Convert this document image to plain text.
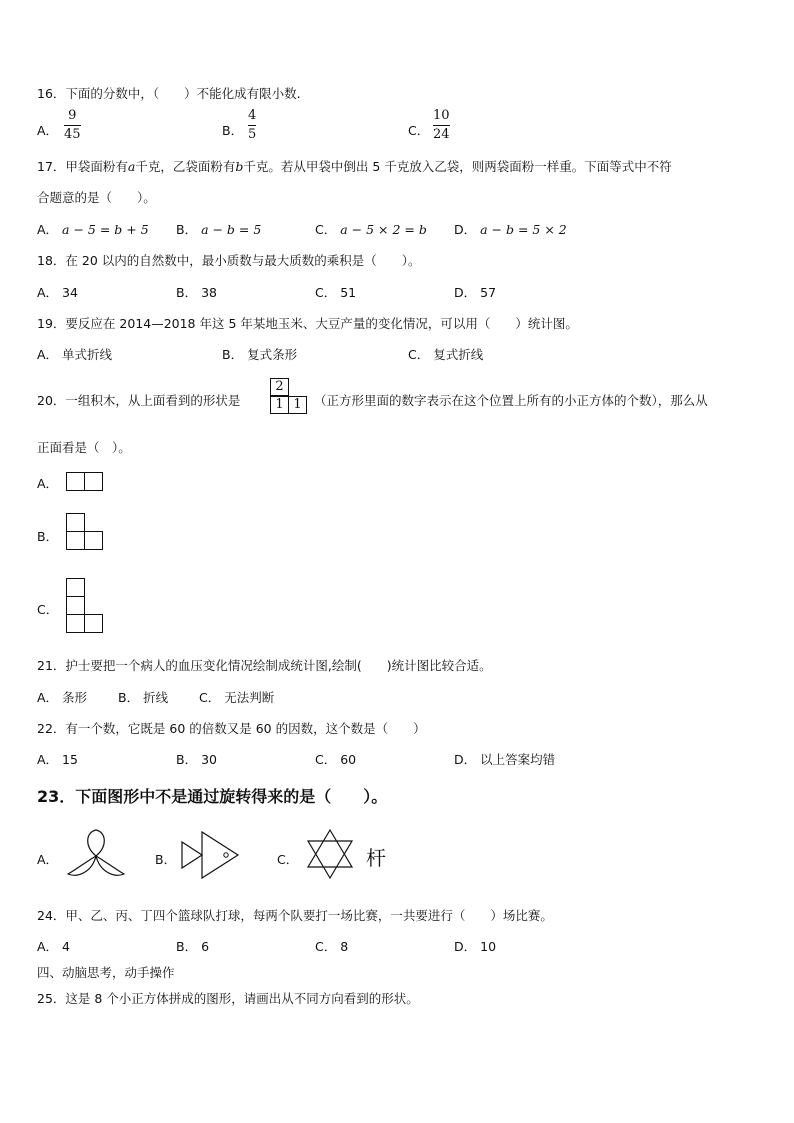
16．下面的分数中，（　　）不能化成有限小数.
A．
9
45	B．
4
5	C．
10
24
17．甲袋面粉有a千克，乙袋面粉有b千克。若从甲袋中倒出 5 千克放入乙袋，则两袋面粉一样重。下面等式中不符
合题意的是（　　）。
A． a − 5 = b + 5 B． a − b = 5	C． a − 5 × 2 = b D． a − b = 5 × 2
18．在 20 以内的自然数中，最小质数与最大质数的乘积是（　　）。
A． 34	B． 38	C． 51	D． 57
19．要反应在 2014—2018 年这 5 年某地玉米、大豆产量的变化情况，可以用（　　）统计图。
A． 单式折线	B． 复式条形	C． 复式折线
20．一组积木，从上面看到的形状是
2
1 1 （正方形里面的数字表示在这个位置上所有的小正方体的个数），那么从
正面看是（　）。
A．
B．
C．
21．护士要把一个病人的血压变化情况绘制成统计图,绘制(　　)统计图比较合适。
A． 条形 B． 折线 C． 无法判断
22．有一个数，它既是 60 的倍数又是 60 的因数，这个数是（　　）
A． 15	B． 30	C． 60	D． 以上答案均错
23．下面图形中不是通过旋转得来的是（　　）。
A．	B．	C．	杆
24．甲、乙、丙、丁四个篮球队打球，每两个队要打一场比赛，一共要进行（　　）场比赛。
A． 4	B． 6	C． 8	D． 10
四、动脑思考，动手操作
25．这是 8 个小正方体拼成的图形，请画出从不同方向看到的形状。
